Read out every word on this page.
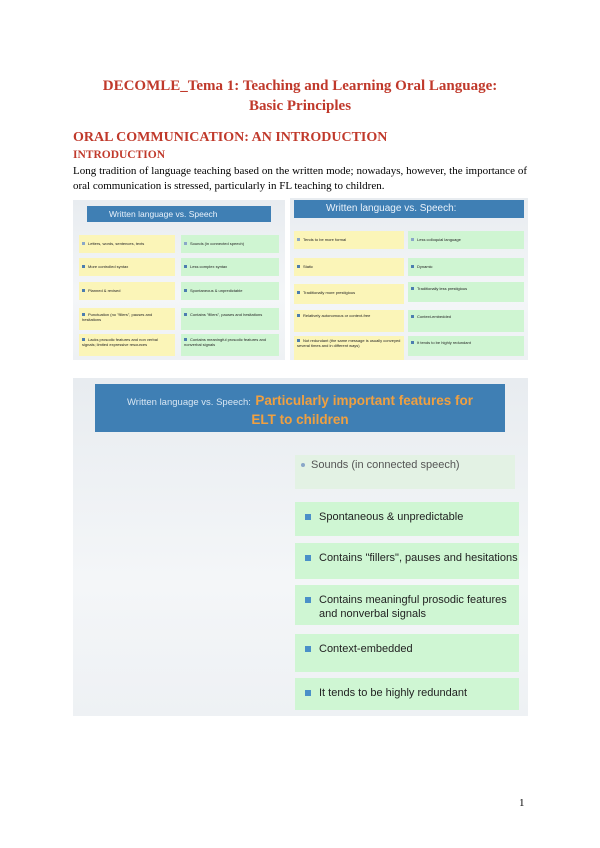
DECOMLE_Tema 1: Teaching and Learning Oral Language:
Basic Principles
ORAL COMMUNICATION: AN INTRODUCTION
INTRODUCTION

Long tradition of language teaching based on the written mode; nowadays, however, the importance of oral communication is stressed, particularly in FL teaching to children.

Written language vs. Speech
Letters, words, sentences, texts
More controlled syntax
Planned & revised
Punctuation (no "fillers", pauses and hesitations
Lacks prosodic features and non verbal signals; limited expressive resources
Sounds (in connected speech)
Less complex syntax
Spontaneous & unpredictable
Contains "fillers", pauses and hesitations
Contains meaningful prosodic features and nonverbal signals
Written language vs. Speech:
Tends to be more formal
Static
Traditionally more prestigious
Relatively autonomous or context-free
Not redundant (the same message is usually conveyed several times and in different ways)
Less colloquial language
Dynamic
Traditionally less prestigious
Context-embedded
It tends to be highly redundant
Written language vs. Speech: Particularly important features for
ELT to children
Sounds (in connected speech)
Spontaneous & unpredictable
Contains "fillers", pauses and hesitations
Contains meaningful prosodic features and nonverbal signals
Context-embedded
It tends to be highly redundant
1
